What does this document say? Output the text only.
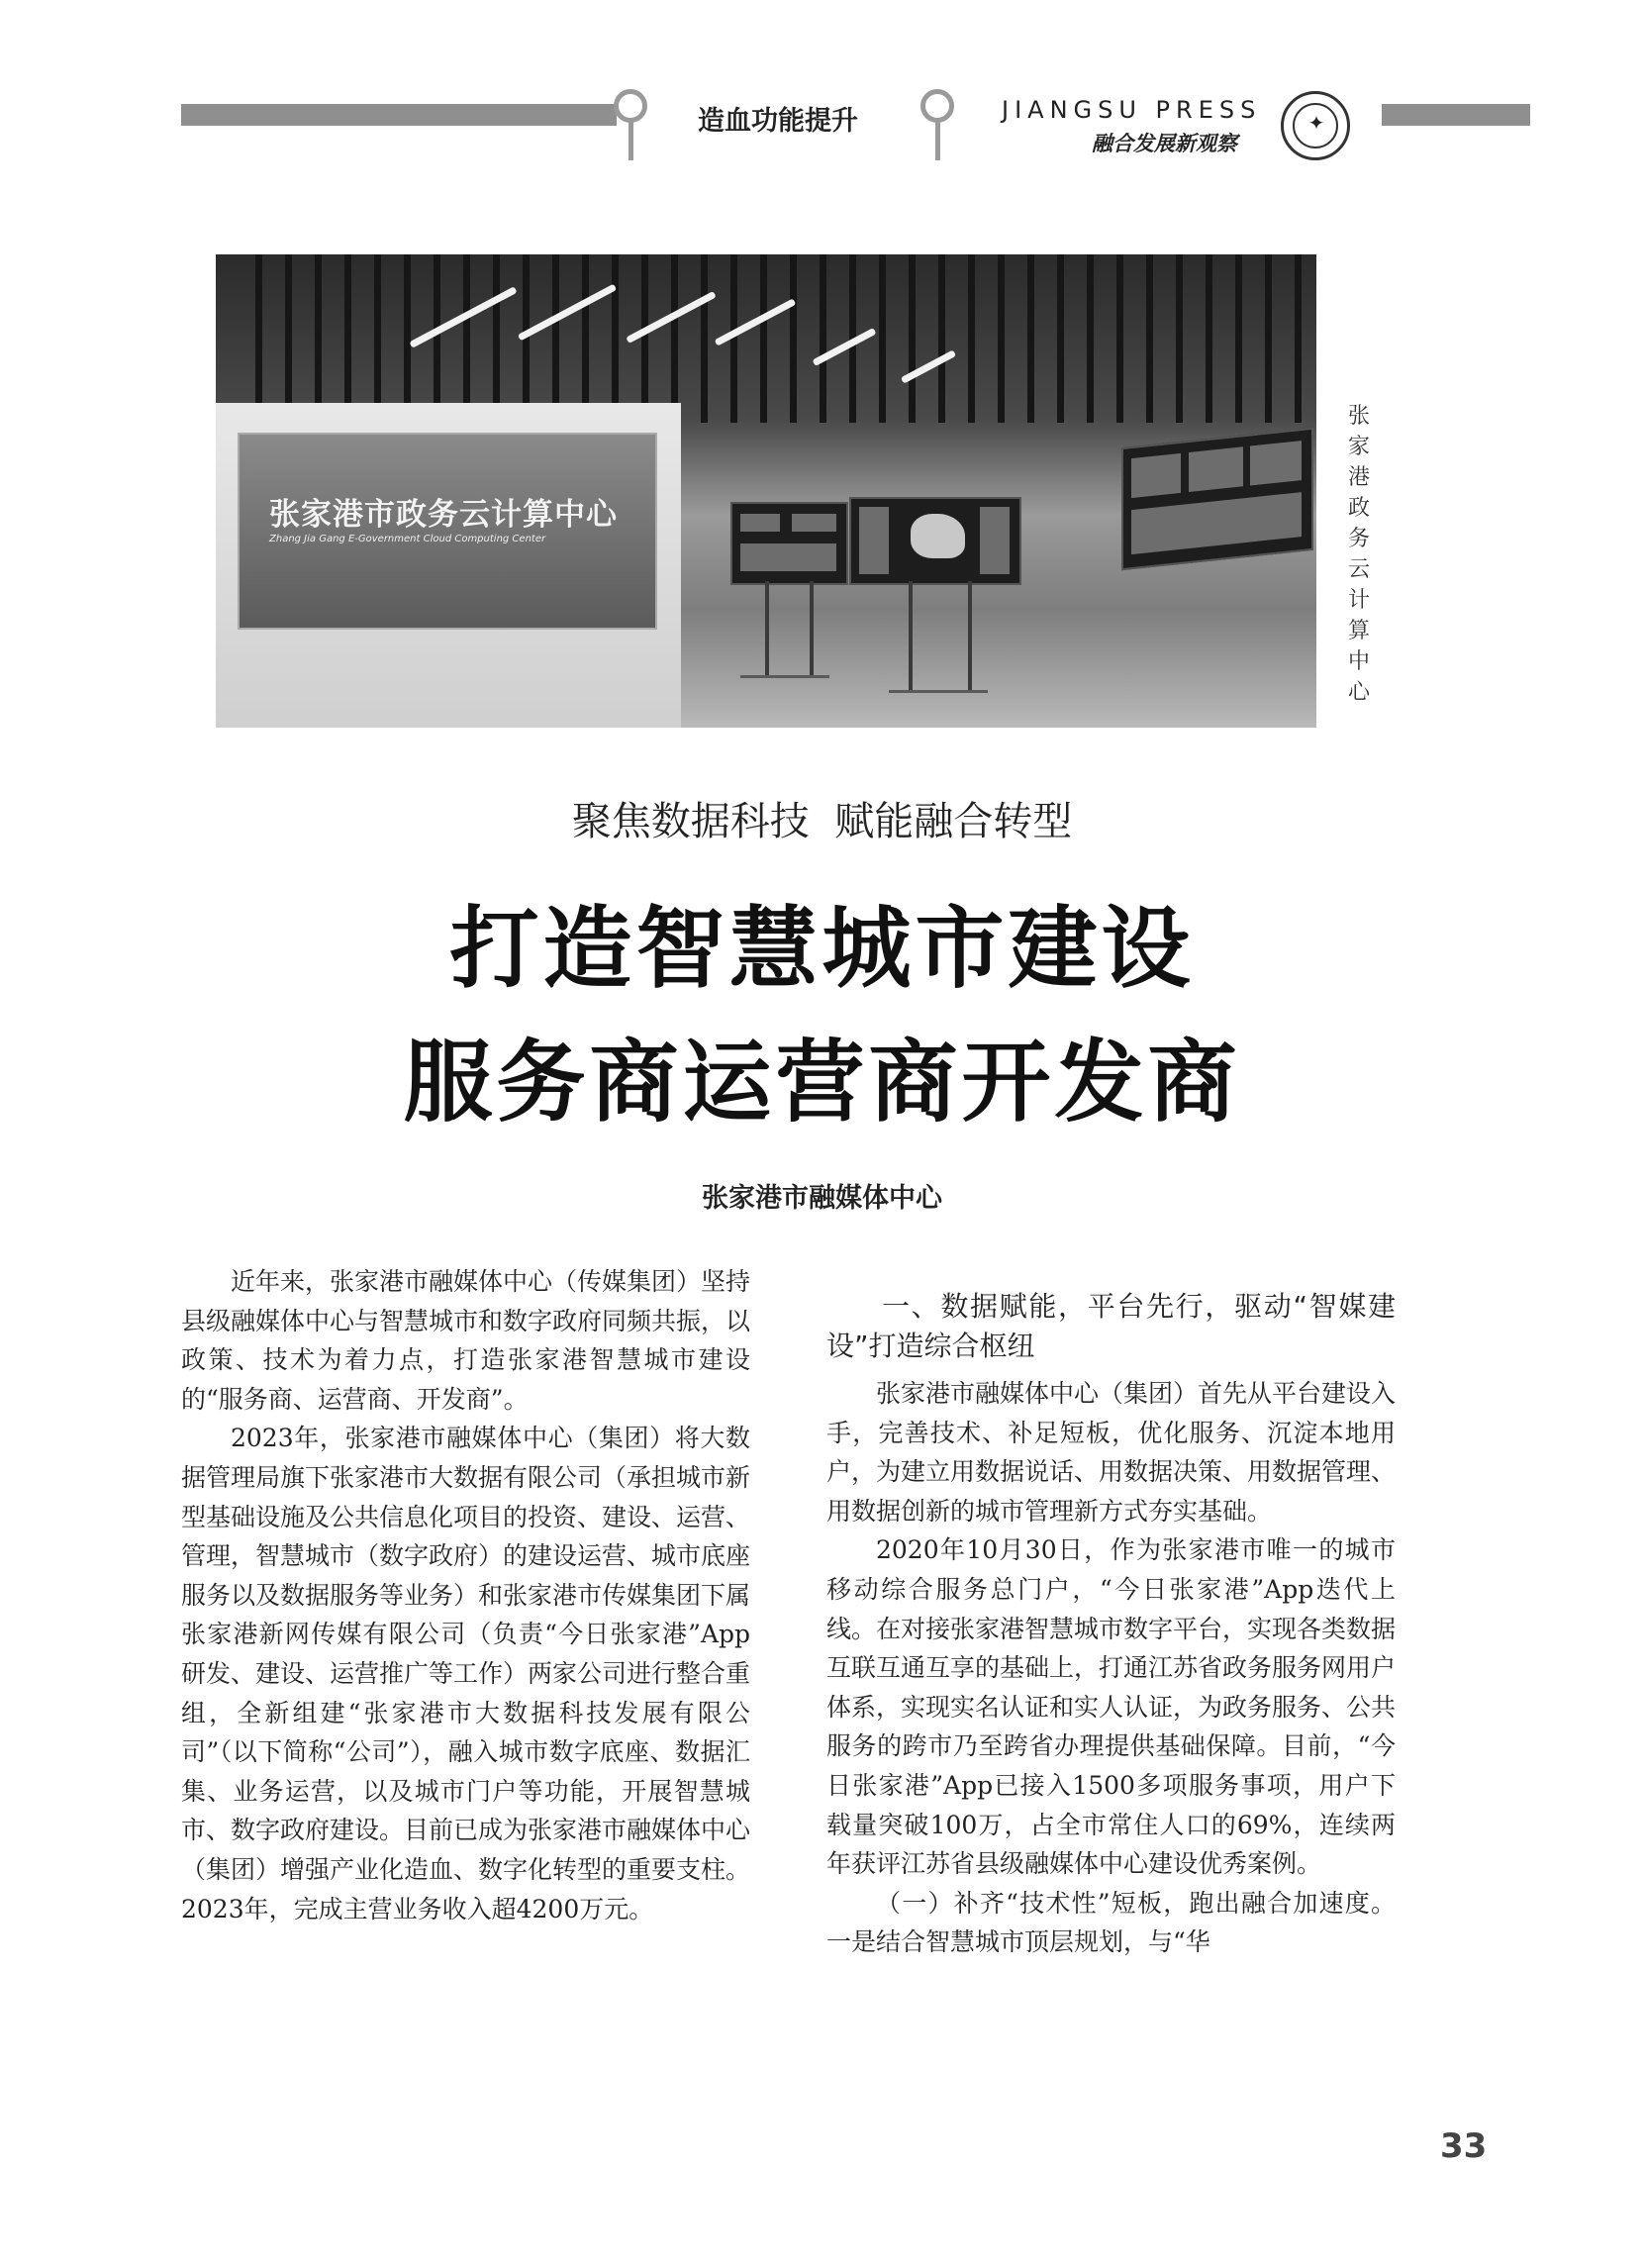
造血功能提升	JIANGSU PRESS
融合发展新观察
✦
张家港市政务云计算中心
Zhang Jia Gang E-Government Cloud Computing Center
张家港政务云计算中心
聚焦数据科技  赋能融合转型
打造智慧城市建设
服务商运营商开发商
张家港市融媒体中心

近年来，张家港市融媒体中心（传媒集团）坚持县级融媒体中心与智慧城市和数字政府同频共振，以政策、技术为着力点，打造张家港智慧城市建设的“服务商、运营商、开发商”。

2023年，张家港市融媒体中心（集团）将大数据管理局旗下张家港市大数据有限公司（承担城市新型基础设施及公共信息化项目的投资、建设、运营、管理，智慧城市（数字政府）的建设运营、城市底座服务以及数据服务等业务）和张家港市传媒集团下属张家港新网传媒有限公司（负责“今日张家港”App研发、建设、运营推广等工作）两家公司进行整合重组，全新组建“张家港市大数据科技发展有限公司”（以下简称“公司”），融入城市数字底座、数据汇集、业务运营，以及城市门户等功能，开展智慧城市、数字政府建设。目前已成为张家港市融媒体中心（集团）增强产业化造血、数字化转型的重要支柱。2023年，完成主营业务收入超4200万元。

一、数据赋能，平台先行，驱动“智媒建设”打造综合枢纽

张家港市融媒体中心（集团）首先从平台建设入手，完善技术、补足短板，优化服务、沉淀本地用户，为建立用数据说话、用数据决策、用数据管理、用数据创新的城市管理新方式夯实基础。

2020年10月30日，作为张家港市唯一的城市移动综合服务总门户，“今日张家港”App迭代上线。在对接张家港智慧城市数字平台，实现各类数据互联互通互享的基础上，打通江苏省政务服务网用户体系，实现实名认证和实人认证，为政务服务、公共服务的跨市乃至跨省办理提供基础保障。目前，“今日张家港”App已接入1500多项服务事项，用户下载量突破100万，占全市常住人口的69%，连续两年获评江苏省县级融媒体中心建设优秀案例。

（一）补齐“技术性”短板，跑出融合加速度。一是结合智慧城市顶层规划，与“华

33
